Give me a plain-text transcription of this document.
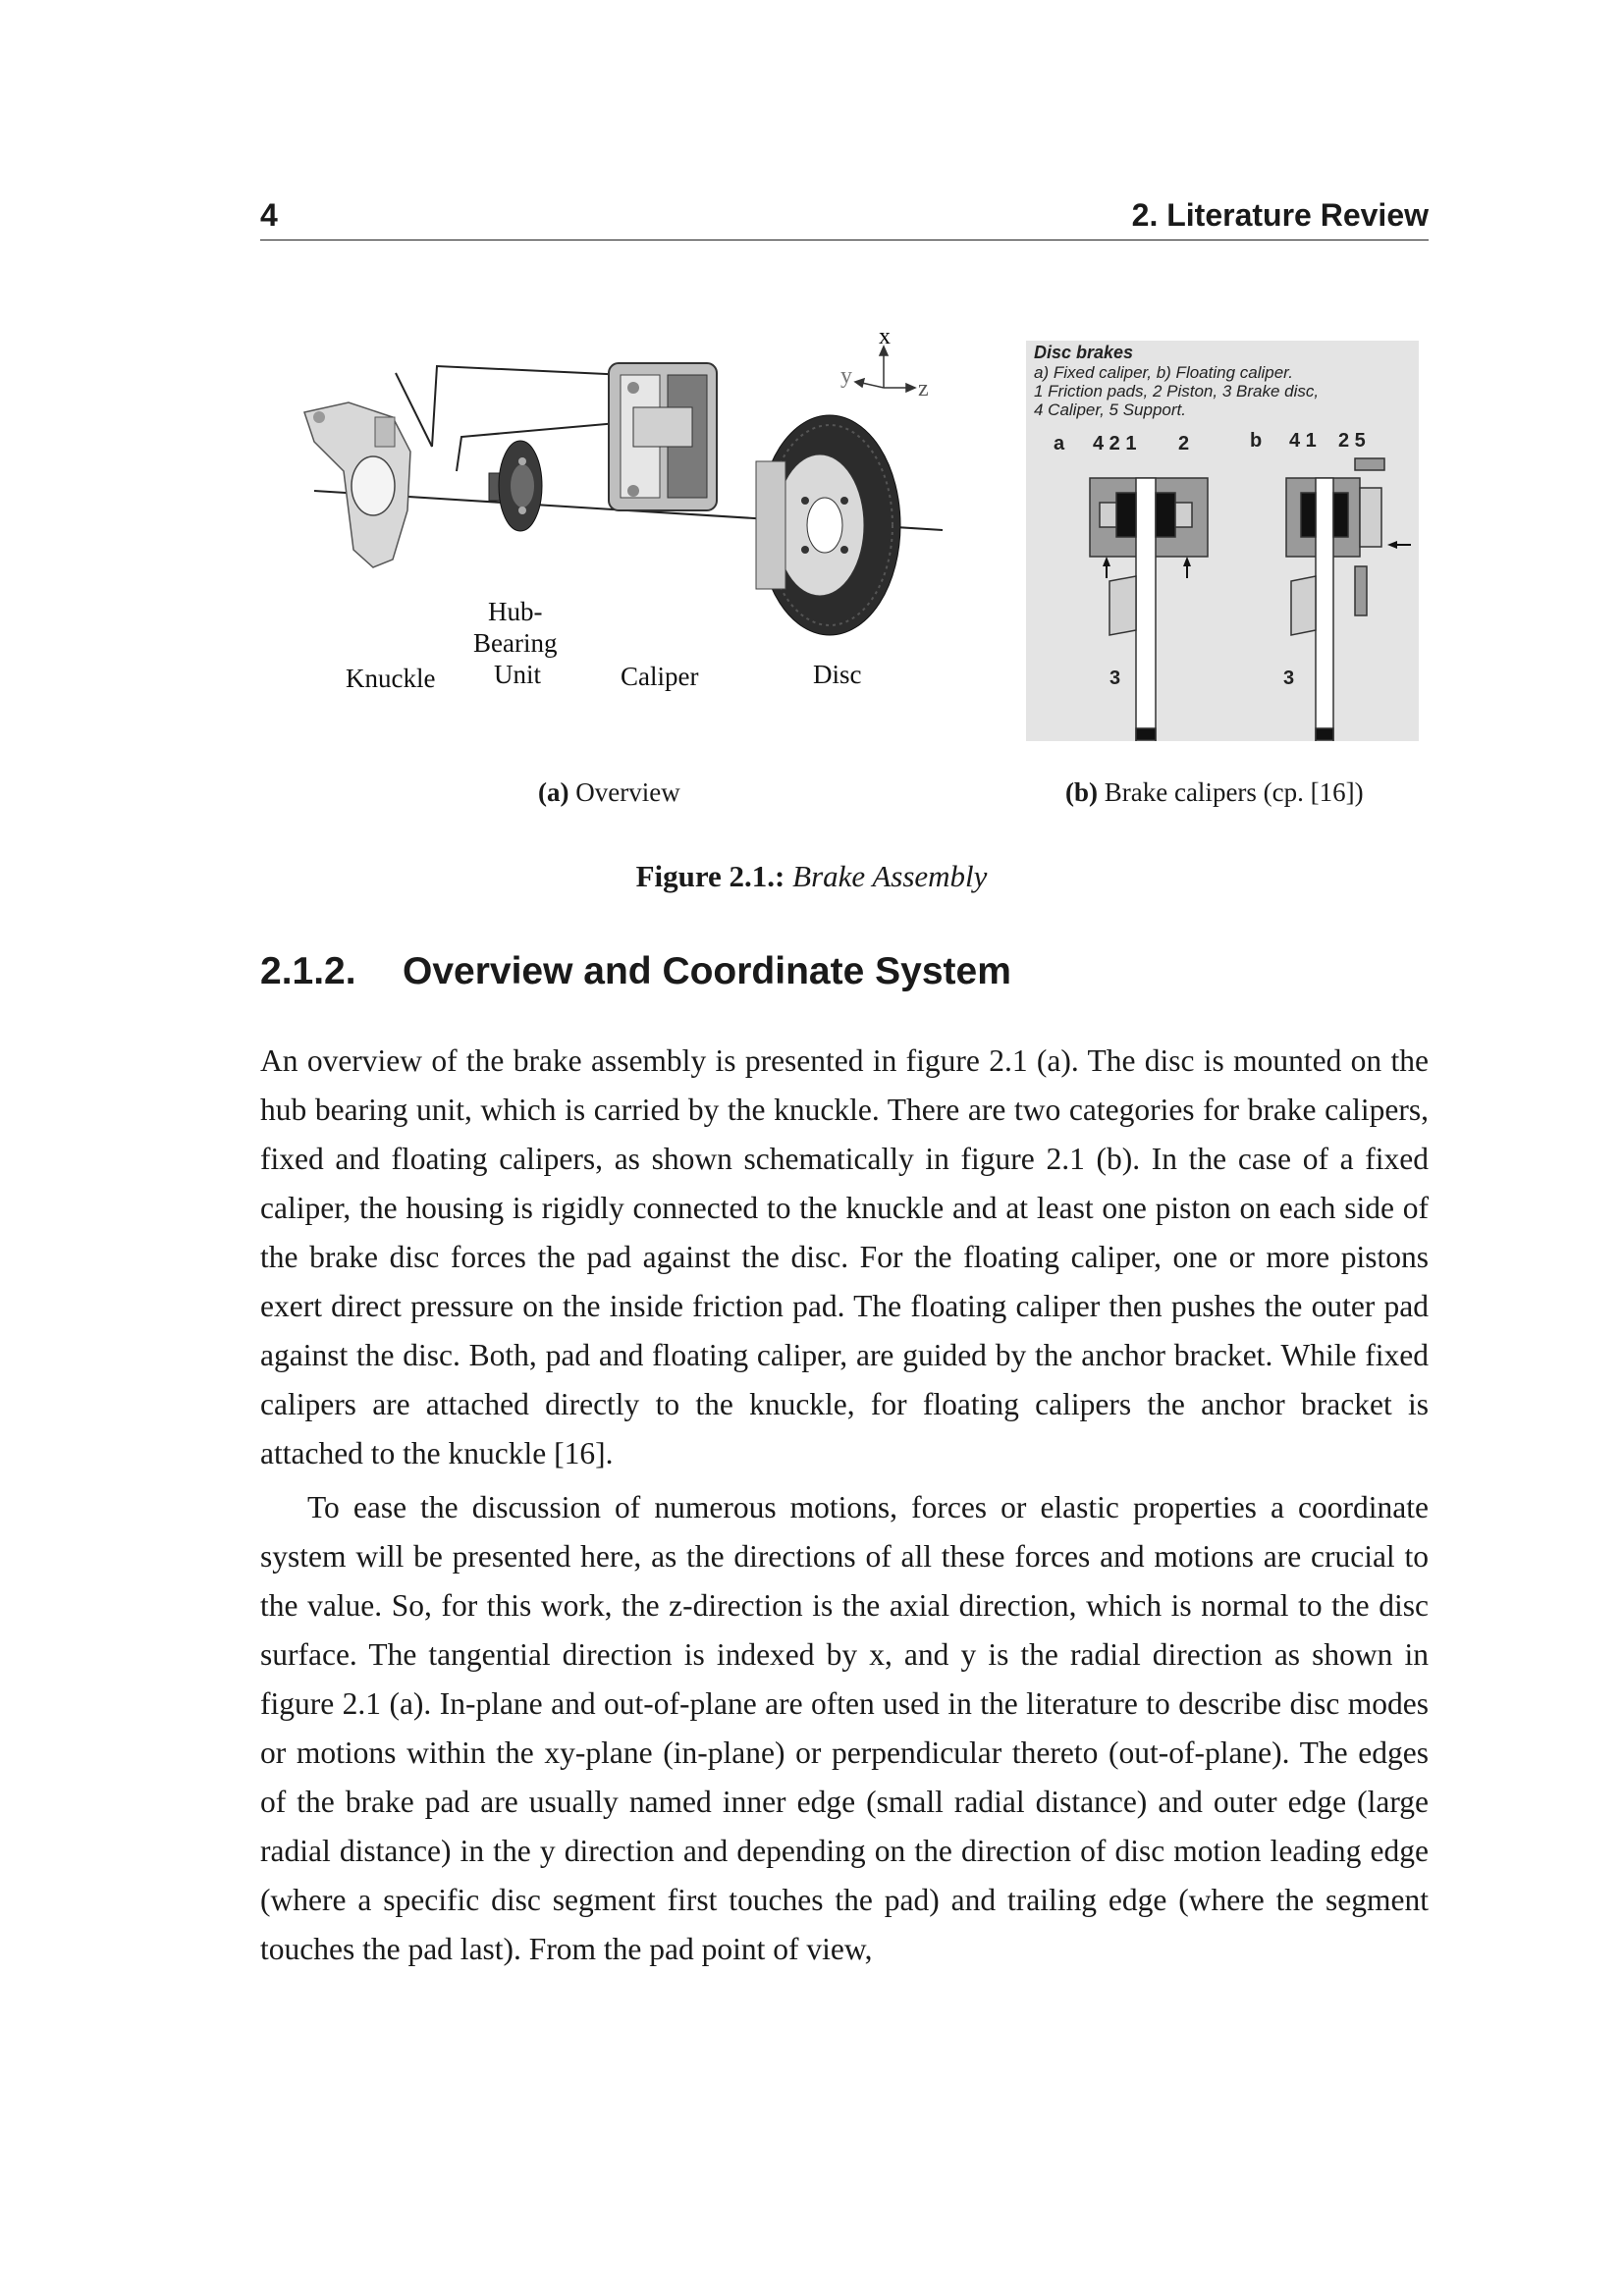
4	2. Literature Review
x
z
y
Knuckle
Hub-
Bearing
Unit	Caliper	Disc
Disc brakes
a) Fixed caliper, b) Floating caliper.
1 Friction pads, 2 Piston, 3 Brake disc,
4 Caliper, 5 Support.
a 4 2 1 2	b 4 1 2 5
3	3
(a) Overview	(b) Brake calipers (cp. [16])
Figure 2.1.: Brake Assembly
2.1.2. Overview and Coordinate System

An overview of the brake assembly is presented in figure 2.1 (a). The disc is mounted on the hub bearing unit, which is carried by the knuckle. There are two categories for brake calipers, fixed and floating calipers, as shown schematically in figure 2.1 (b). In the case of a fixed caliper, the housing is rigidly connected to the knuckle and at least one piston on each side of the brake disc forces the pad against the disc. For the floating caliper, one or more pistons exert direct pressure on the inside friction pad. The floating caliper then pushes the outer pad against the disc. Both, pad and floating caliper, are guided by the anchor bracket. While fixed calipers are attached directly to the knuckle, for floating calipers the anchor bracket is attached to the knuckle [16].

To ease the discussion of numerous motions, forces or elastic properties a coordinate system will be presented here, as the directions of all these forces and motions are crucial to the value. So, for this work, the z-direction is the axial direction, which is normal to the disc surface. The tangential direction is indexed by x, and y is the radial direction as shown in figure 2.1 (a). In-plane and out-of-plane are often used in the literature to describe disc modes or motions within the xy-plane (in-plane) or perpendicular thereto (out-of-plane). The edges of the brake pad are usually named inner edge (small radial distance) and outer edge (large radial distance) in the y direction and depending on the direction of disc motion leading edge (where a specific disc segment first touches the pad) and trailing edge (where the segment touches the pad last). From the pad point of view,
